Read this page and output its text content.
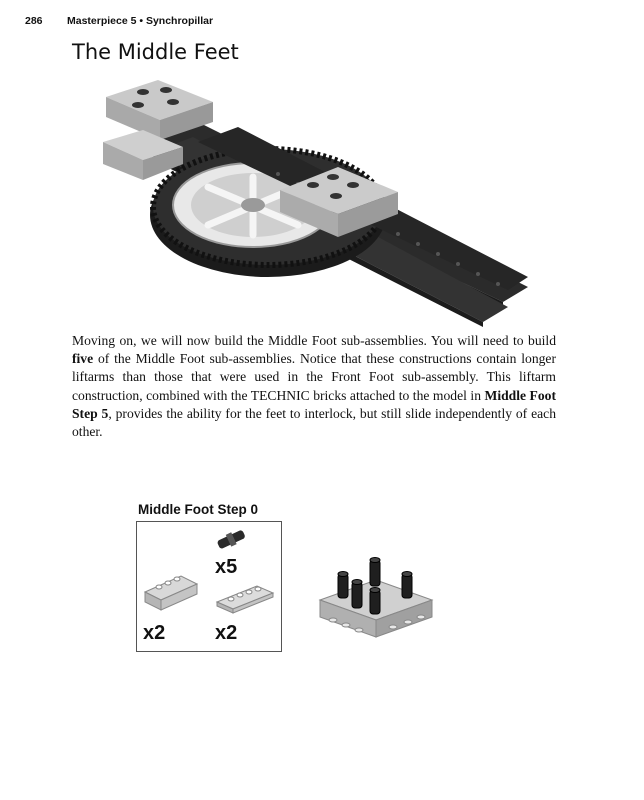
286 Masterpiece 5 • Synchropillar
The Middle Feet
Moving on, we will now build the Middle Foot sub-assemblies. You will need to build five of the Middle Foot sub-assemblies. Notice that these constructions contain longer liftarms than those that were used in the Front Foot sub-assembly. This liftarm construction, combined with the TECHNIC bricks attached to the model in Middle Foot Step 5, provides the ability for the feet to interlock, but still slide independently of each other.
Middle Foot Step 0
x5
x2 x2
